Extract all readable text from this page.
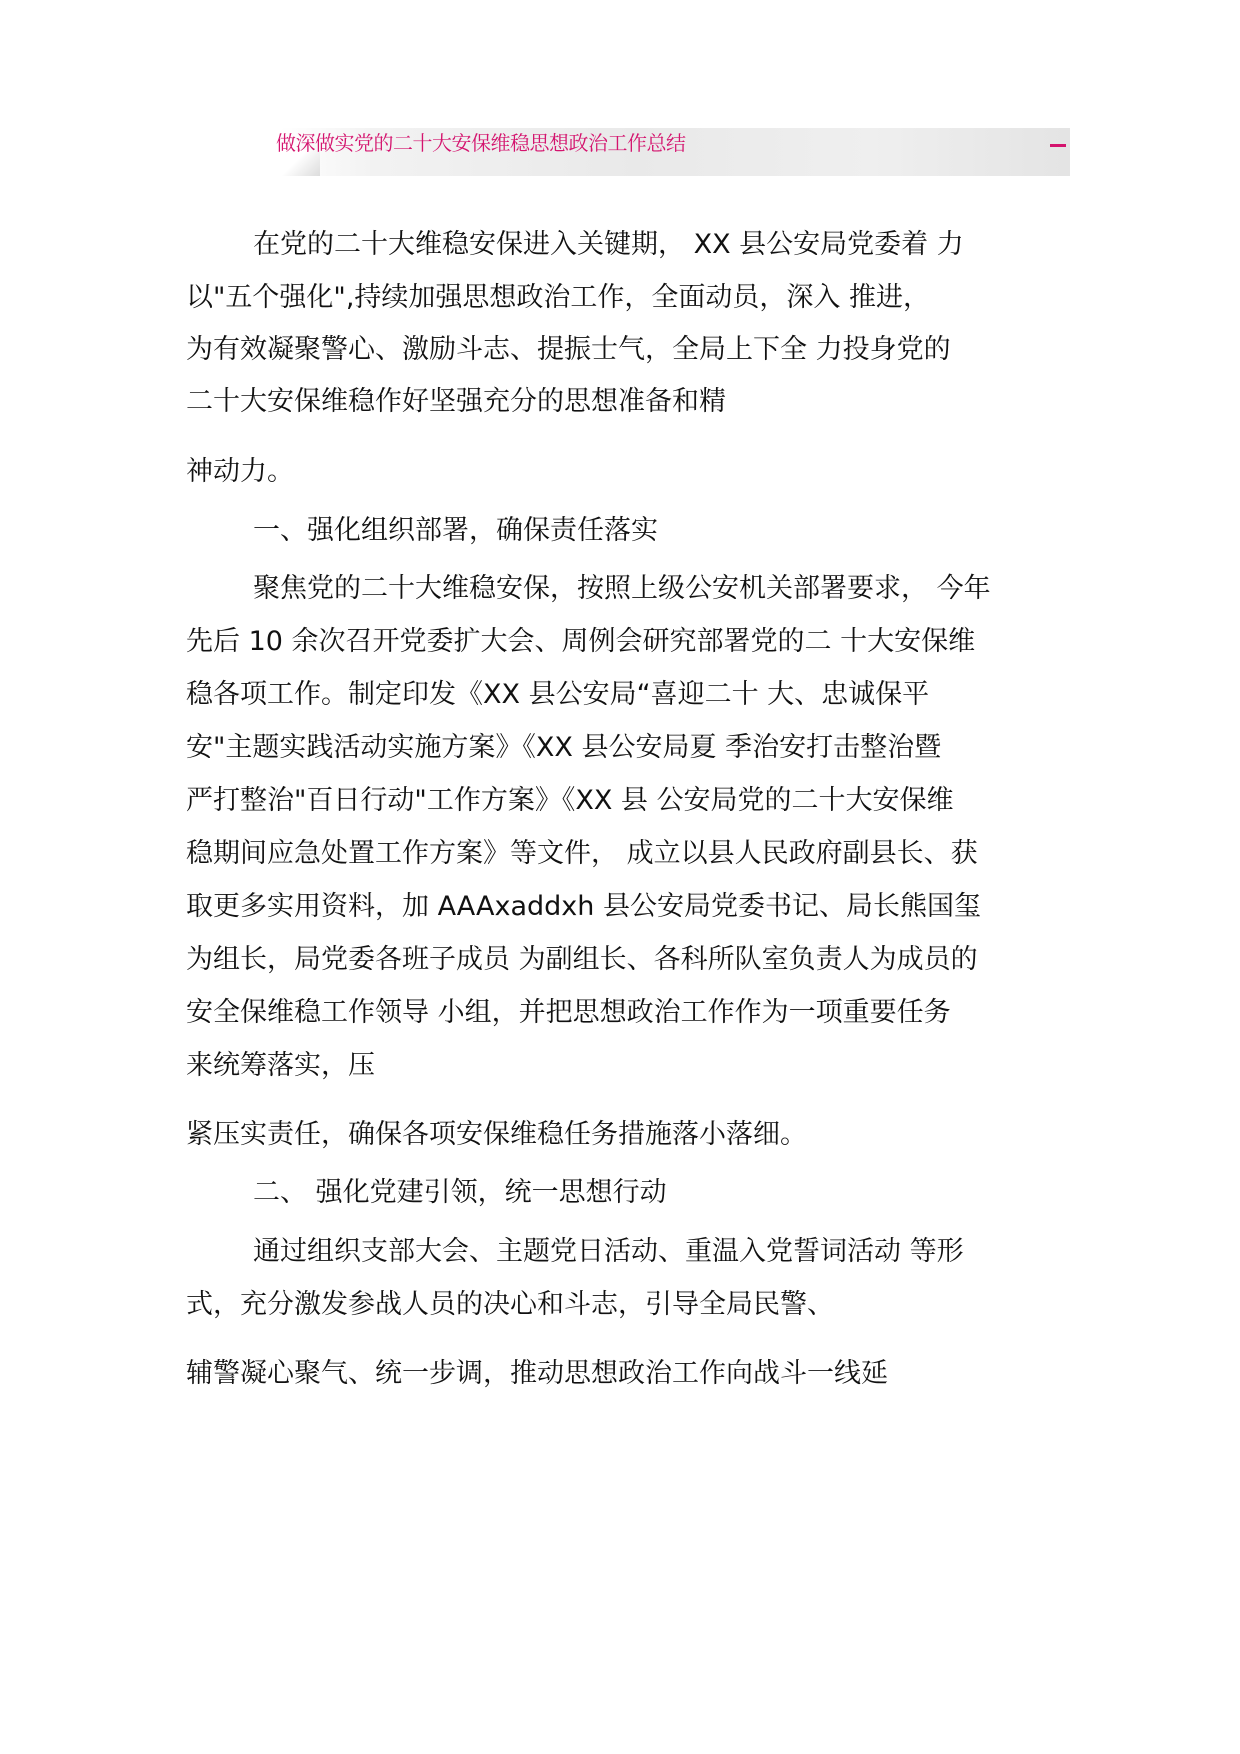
做深做实党的二十大安保维稳思想政治工作总结
在党的二十大维稳安保进入关键期， XX 县公安局党委着 力
以"五个强化",持续加强思想政治工作，全面动员，深入 推进，
为有效凝聚警心、激励斗志、提振士气，全局上下全 力投身党的
二十大安保维稳作好坚强充分的思想准备和精
神动力。
一、强化组织部署，确保责任落实
聚焦党的二十大维稳安保，按照上级公安机关部署要求， 今年
先后 10 余次召开党委扩大会、周例会研究部署党的二 十大安保维
稳各项工作。制定印发《XX 县公安局“喜迎二十 大、忠诚保平
安"主题实践活动实施方案》《XX 县公安局夏 季治安打击整治暨
严打整治"百日行动"工作方案》《XX 县 公安局党的二十大安保维
稳期间应急处置工作方案》等文件， 成立以县人民政府副县长、获
取更多实用资料，加 AAAxaddxh 县公安局党委书记、局长熊国玺
为组长，局党委各班子成员 为副组长、各科所队室负责人为成员的
安全保维稳工作领导 小组，并把思想政治工作作为一项重要任务
来统筹落实，压
紧压实责任，确保各项安保维稳任务措施落小落细。
二、 强化党建引领，统一思想行动
通过组织支部大会、主题党日活动、重温入党誓词活动 等形
式，充分激发参战人员的决心和斗志，引导全局民警、
辅警凝心聚气、统一步调，推动思想政治工作向战斗一线延
